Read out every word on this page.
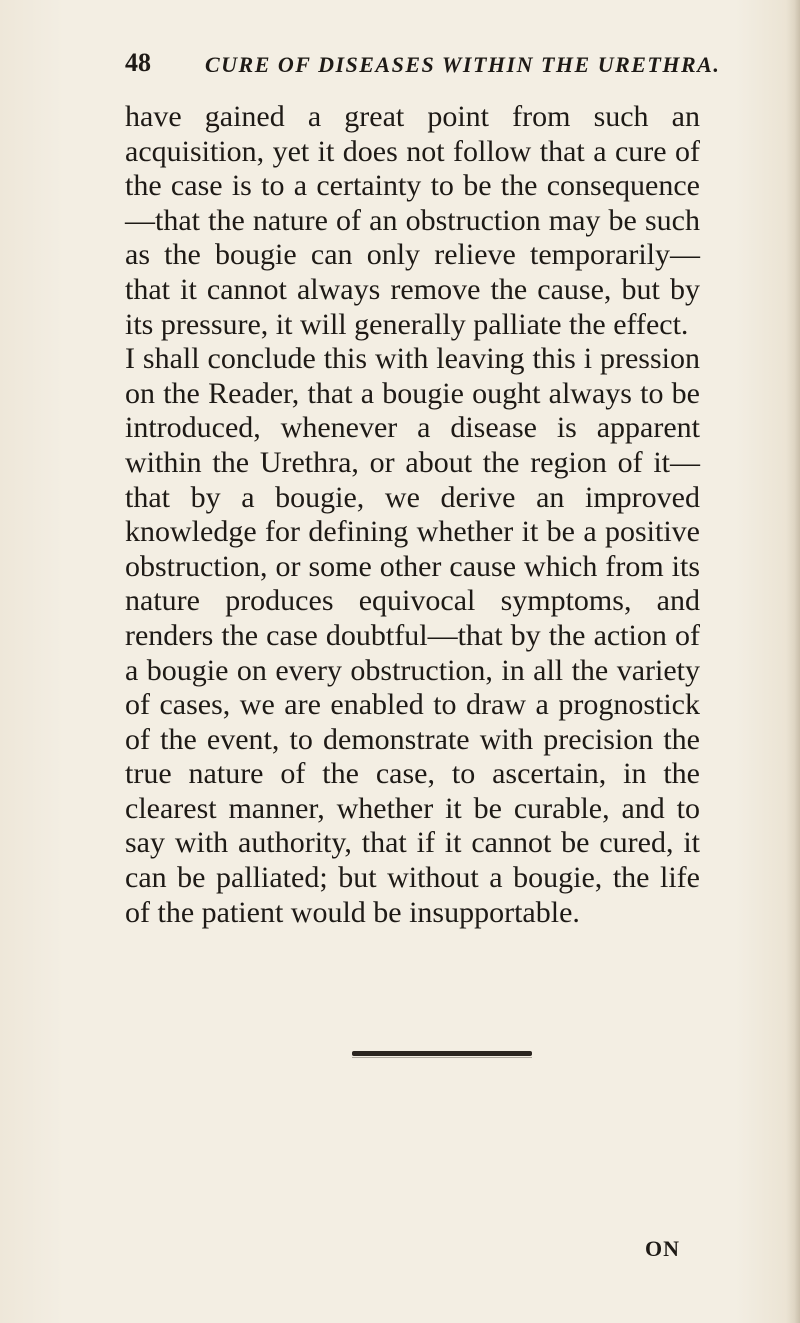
48 CURE OF DISEASES WITHIN THE URETHRA.

have gained a great point from such an acquisition, yet it does not follow that a cure of the case is to a certainty to be the consequence—that the nature of an obstruction may be such as the bougie can only relieve temporarily—that it cannot always remove the cause, but by its pressure, it will generally palliate the effect.

I shall conclude this with leaving this i pression on the Reader, that a bougie ought always to be introduced, whenever a disease is apparent within the Urethra, or about the region of it—that by a bougie, we derive an improved knowledge for defining whether it be a positive obstruction, or some other cause which from its nature produces equivocal symptoms, and renders the case doubtful—that by the action of a bougie on every obstruction, in all the variety of cases, we are enabled to draw a prognostick of the event, to demonstrate with precision the true nature of the case, to ascertain, in the clearest manner, whether it be curable, and to say with authority, that if it cannot be cured, it can be palliated; but without a bougie, the life of the patient would be insupportable.

ON
